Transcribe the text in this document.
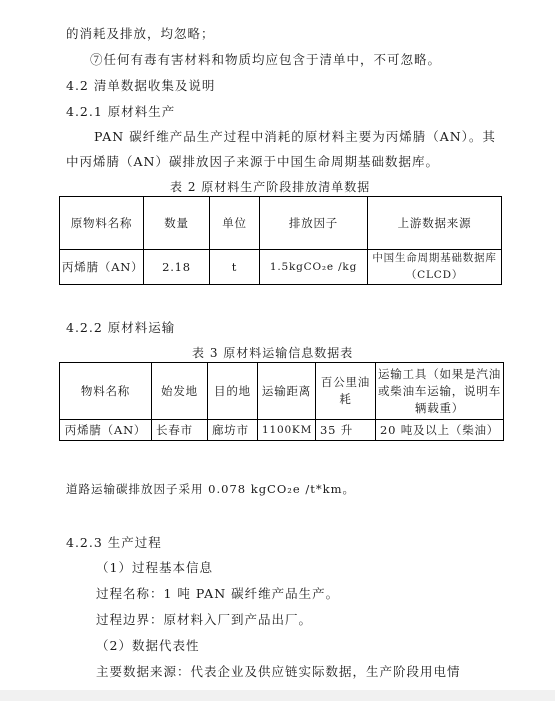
的消耗及排放，均忽略；
⑦任何有毒有害材料和物质均应包含于清单中，不可忽略。
4.2 清单数据收集及说明
4.2.1 原材料生产
PAN 碳纤维产品生产过程中消耗的原材料主要为丙烯腈（AN）。其
中丙烯腈（AN）碳排放因子来源于中国生命周期基础数据库。
表 2 原材料生产阶段排放清单数据
原物料名称	数量	单位	排放因子	上游数据来源
丙烯腈（AN）	2.18	t	1.5kgCO₂e /kg	中国生命周期基础数据库（CLCD）
4.2.2 原材料运输
表 3 原材料运输信息数据表
物料名称	始发地	目的地	运输距离	百公里油耗	运输工具（如果是汽油或柴油车运输，说明车辆载重）
丙烯腈（AN）	长春市	廊坊市	1100KM	35 升	20 吨及以上（柴油）
道路运输碳排放因子采用 0.078 kgCO₂e /t*km。
4.2.3 生产过程
（1）过程基本信息
过程名称：1 吨 PAN 碳纤维产品生产。
过程边界：原材料入厂到产品出厂。
（2）数据代表性
主要数据来源：代表企业及供应链实际数据，生产阶段用电情
